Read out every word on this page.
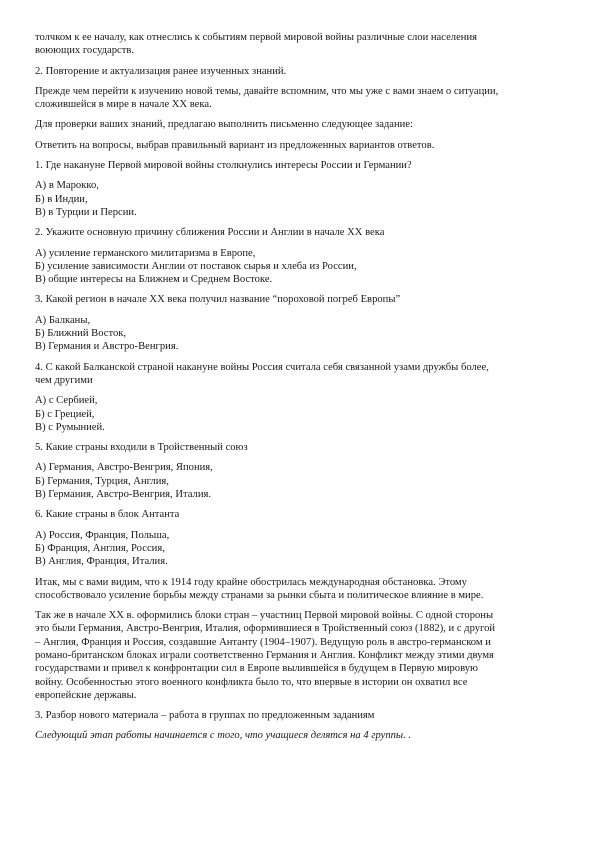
толчком к ее началу, как отнеслись к событиям первой мировой войны различные слои населения
воюющих государств.

2. Повторение и актуализация ранее изученных знаний.

Прежде чем перейти к изучению новой темы, давайте вспомним, что мы уже с вами знаем о ситуации,
сложившейся в мире в начале XX века.

Для проверки ваших знаний, предлагаю выполнить письменно следующее задание:

Ответить на вопросы, выбрав правильный вариант из предложенных вариантов ответов.

1. Где накануне Первой мировой войны столкнулись интересы России и Германии?

А) в Марокко,
Б) в Индии,
В) в Турции и Персии.

2. Укажите основную причину сближения России и Англии в начале XX века

А) усиление германского милитаризма в Европе,
Б) усиление зависимости Англии от поставок сырья и хлеба из России,
В) общие интересы на Ближнем и Среднем Востоке.

3. Какой регион в начале XX века получил название “пороховой погреб Европы”

А) Балканы,
Б) Ближний Восток,
В) Германия и Австро-Венгрия.

4. С какой Балканской страной накануне войны Россия считала себя связанной узами дружбы более,
чем другими

А) с Сербией,
Б) с Грецией,
В) с Румынией.

5. Какие страны входили в Тройственный союз

А) Германия, Австро-Венгрия, Япония,
Б) Германия, Турция, Англия,
В) Германия, Австро-Венгрия, Италия.

6. Какие страны в блок Антанта

А) Россия, Франция, Польша,
Б) Франция, Англия, Россия,
В) Англия, Франция, Италия.

Итак, мы с вами видим, что к 1914 году крайне обострилась международная обстановка. Этому
способствовало усиление борьбы между странами за рынки сбыта и политическое влияние в мире.

Так же в начале XX в. оформились блоки стран – участниц Первой мировой войны. С одной стороны
это были Германия, Австро-Венгрия, Италия, оформившиеся в Тройственный союз (1882), и с другой
– Англия, Франция и Россия, создавшие Антанту (1904–1907). Ведущую роль в австро-германском и
романо-британском блоках играли соответственно Германия и Англия. Конфликт между этими двумя
государствами и привел к конфронтации сил в Европе вылившейся в будущем в Первую мировую
войну. Особенностью этого военного конфликта было то, что впервые в истории он охватил все
европейские державы.

3. Разбор нового материала – работа в группах по предложенным заданиям

Следующий этап работы начинается с того, что учащиеся делятся на 4 группы. .
